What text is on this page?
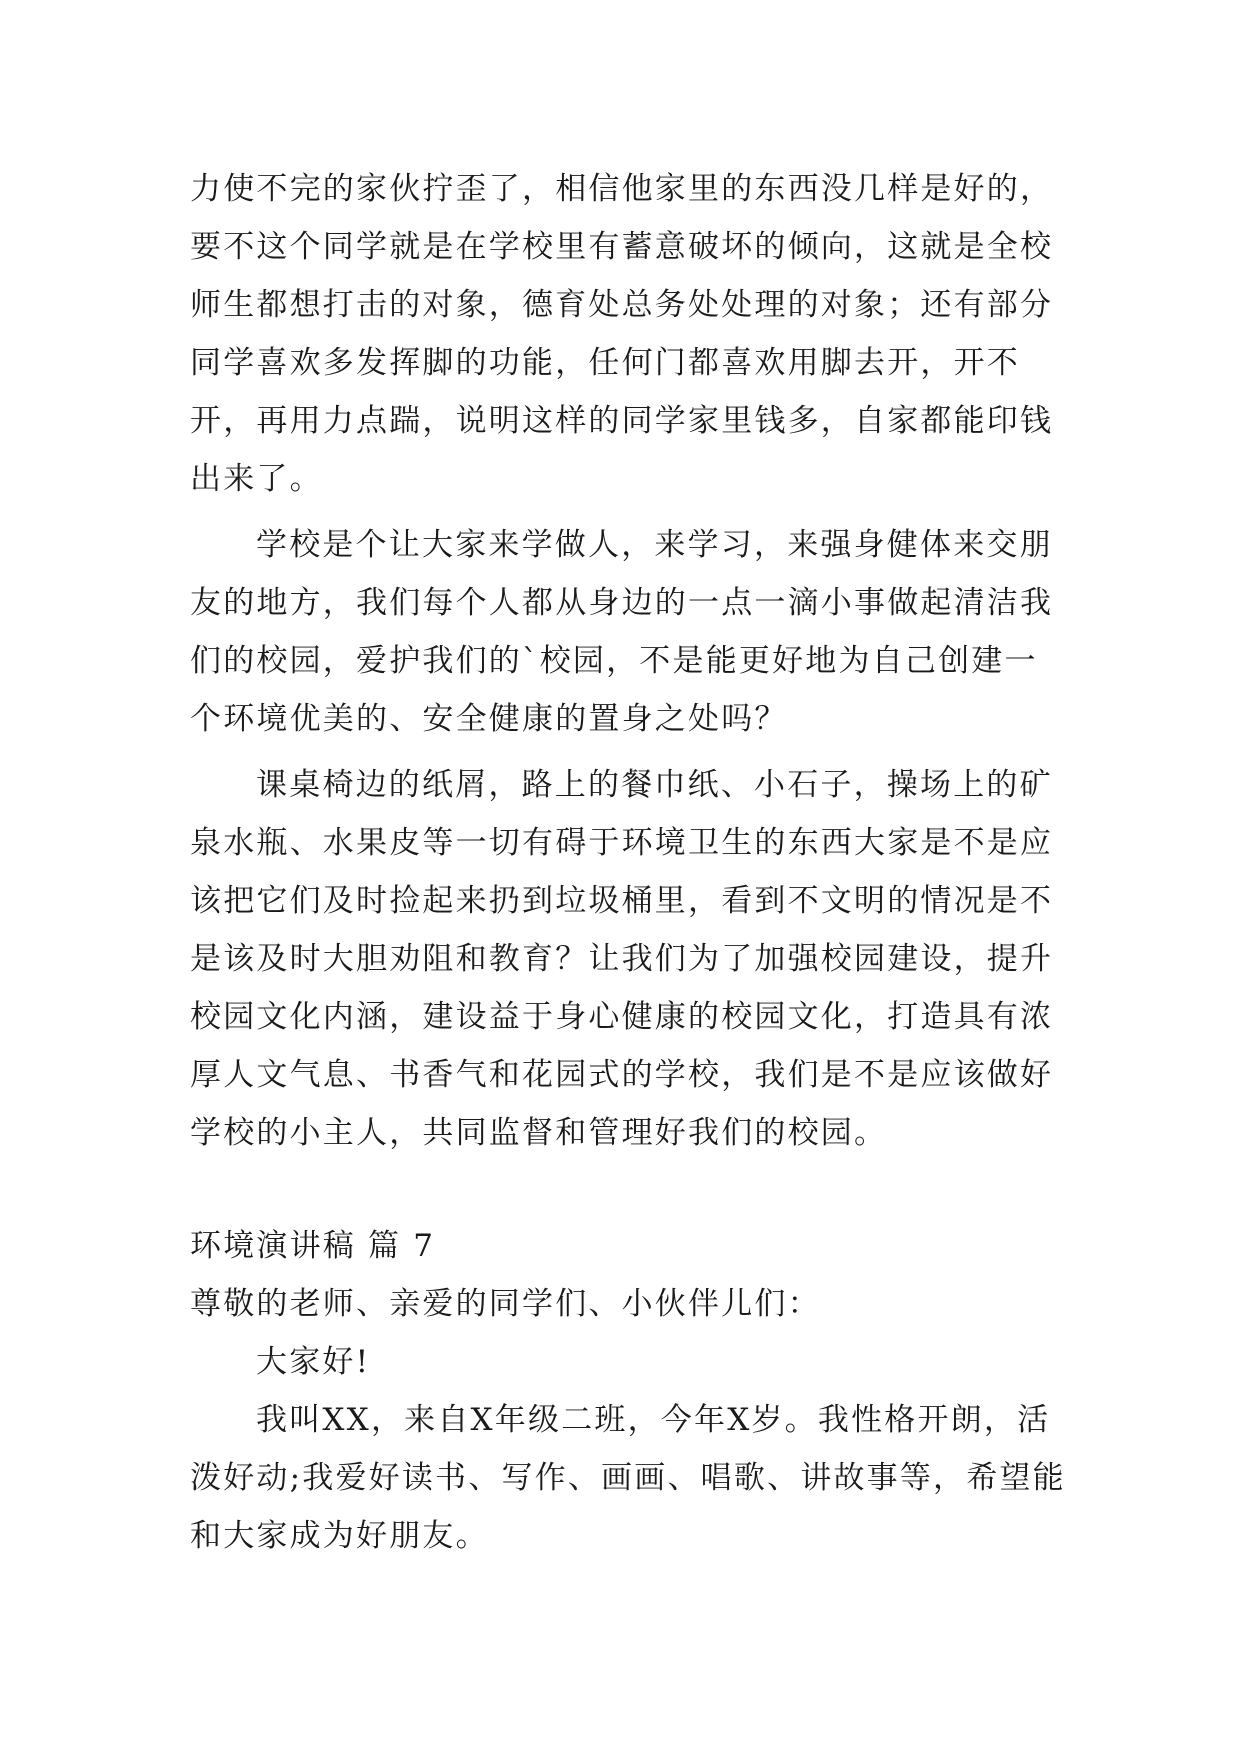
力使不完的家伙拧歪了，相信他家里的东西没几样是好的，要不这个同学就是在学校里有蓄意破坏的倾向，这就是全校师生都想打击的对象，德育处总务处处理的对象；还有部分同学喜欢多发挥脚的功能，任何门都喜欢用脚去开，开不开，再用力点踹，说明这样的同学家里钱多，自家都能印钱出来了。

学校是个让大家来学做人，来学习，来强身健体来交朋友的地方，我们每个人都从身边的一点一滴小事做起清洁我们的校园，爱护我们的`校园，不是能更好地为自己创建一个环境优美的、安全健康的置身之处吗？

课桌椅边的纸屑，路上的餐巾纸、小石子，操场上的矿泉水瓶、水果皮等一切有碍于环境卫生的东西大家是不是应该把它们及时捡起来扔到垃圾桶里，看到不文明的情况是不是该及时大胆劝阻和教育？让我们为了加强校园建设，提升校园文化内涵，建设益于身心健康的校园文化，打造具有浓厚人文气息、书香气和花园式的学校，我们是不是应该做好学校的小主人，共同监督和管理好我们的校园。

环境演讲稿 篇 7

尊敬的老师、亲爱的同学们、小伙伴儿们：

大家好!

我叫XX，来自X年级二班，今年X岁。我性格开朗，活泼好动;我爱好读书、写作、画画、唱歌、讲故事等，希望能和大家成为好朋友。
